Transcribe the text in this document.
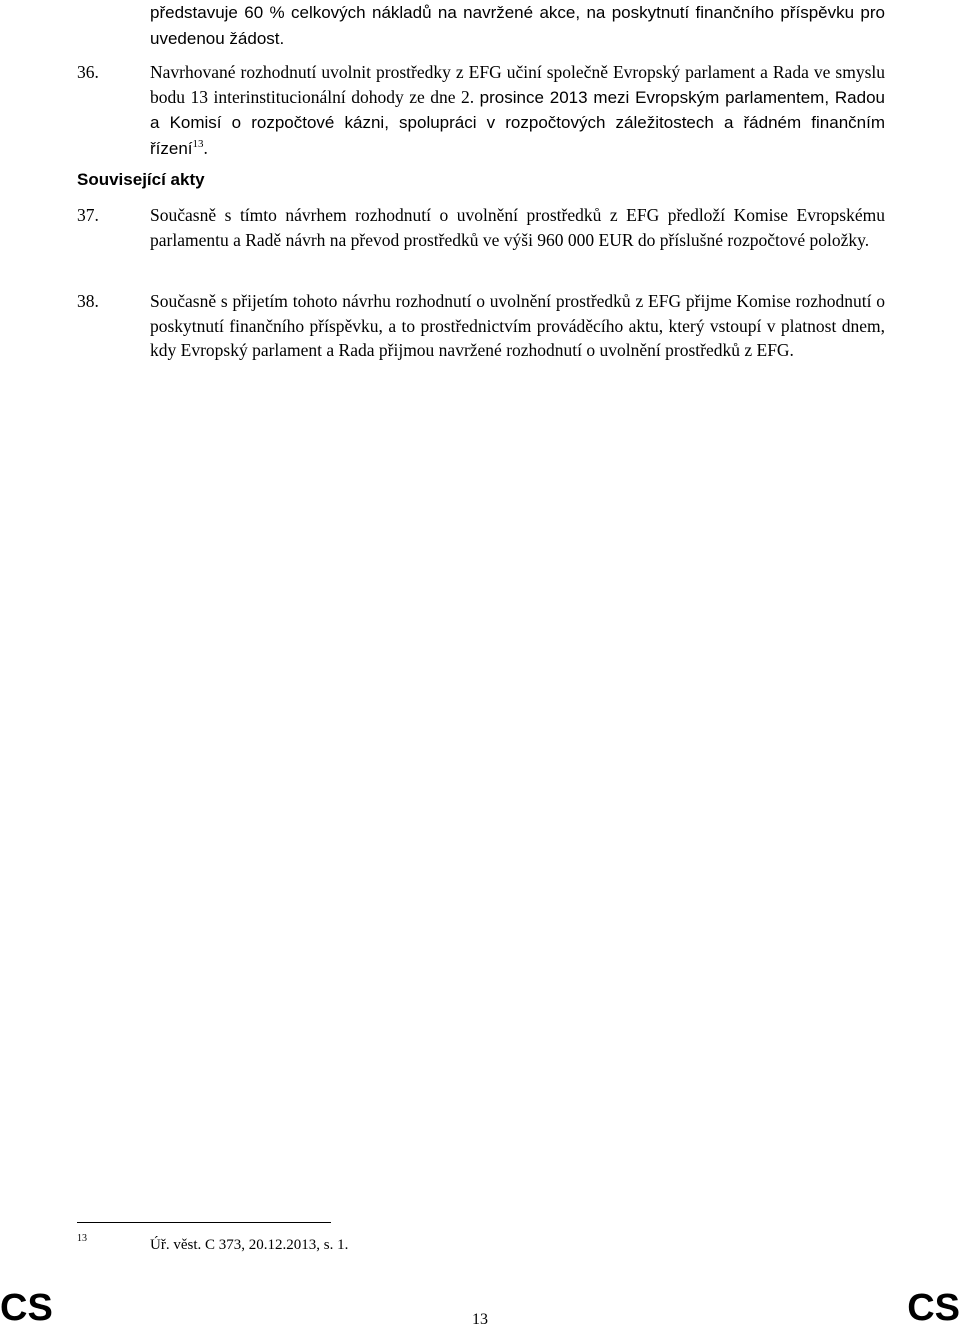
představuje 60 % celkových nákladů na navržené akce, na poskytnutí finančního příspěvku pro uvedenou žádost.
36.	Navrhované rozhodnutí uvolnit prostředky z EFG učiní společně Evropský parlament a Rada ve smyslu bodu 13 interinstitucionální dohody ze dne 2. prosince 2013 mezi Evropským parlamentem, Radou a Komisí o rozpočtové kázni, spolupráci v rozpočtových záležitostech a řádném finančním řízení$^{13}$.
Související akty
37.	Současně s tímto návrhem rozhodnutí o uvolnění prostředků z EFG předloží Komise Evropskému parlamentu a Radě návrh na převod prostředků ve výši 960 000 EUR do příslušné rozpočtové položky.
38.	Současně s přijetím tohoto návrhu rozhodnutí o uvolnění prostředků z EFG přijme Komise rozhodnutí o poskytnutí finančního příspěvku, a to prostřednictvím prováděcího aktu, který vstoupí v platnost dnem, kdy Evropský parlament a Rada přijmou navržené rozhodnutí o uvolnění prostředků z EFG.
13	Úř. věst. C 373, 20.12.2013, s. 1.
CS	13	CS
